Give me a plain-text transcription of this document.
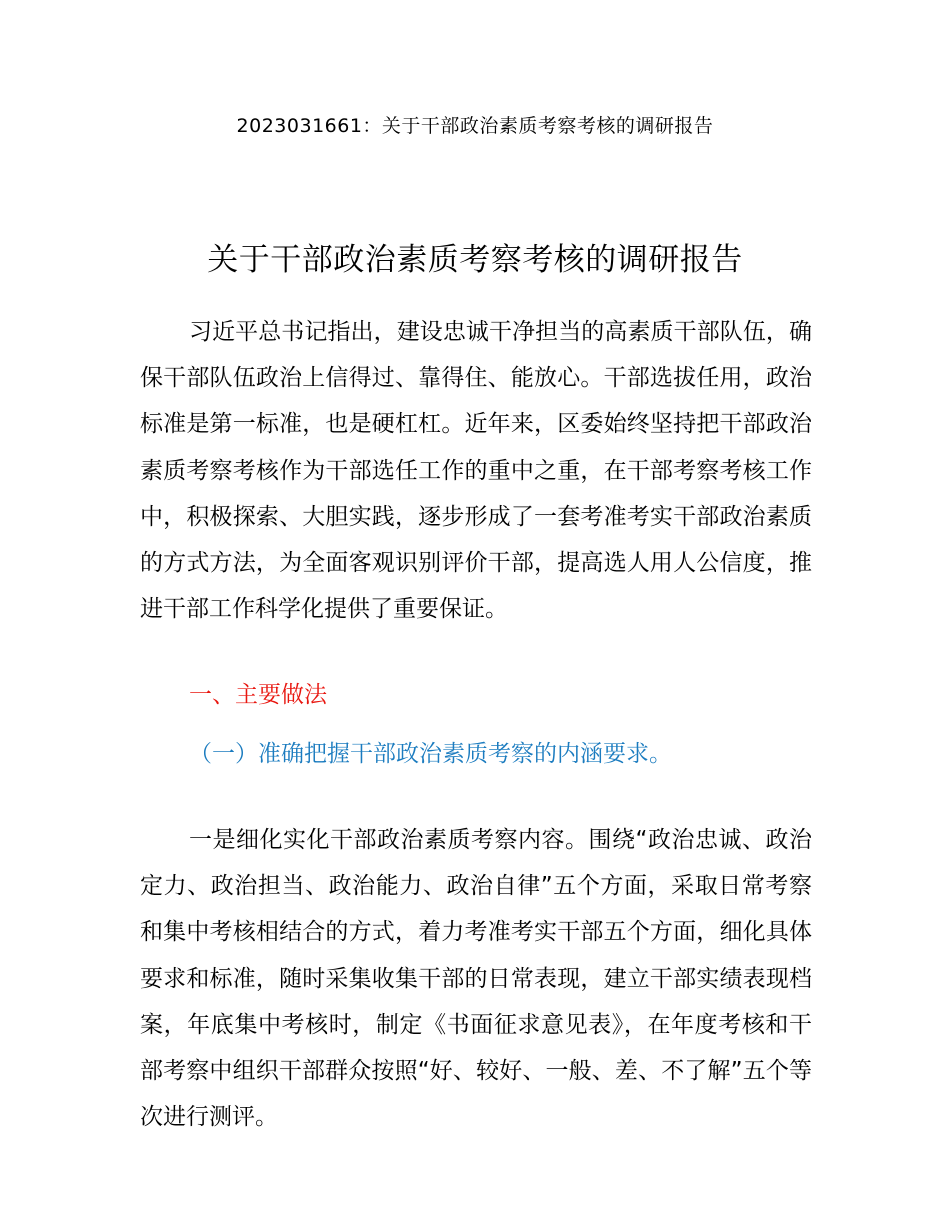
2023031661：关于干部政治素质考察考核的调研报告
关于干部政治素质考察考核的调研报告

习近平总书记指出，建设忠诚干净担当的高素质干部队伍，确保干部队伍政治上信得过、靠得住、能放心。干部选拔任用，政治标准是第一标准，也是硬杠杠。近年来，区委始终坚持把干部政治素质考察考核作为干部选任工作的重中之重，在干部考察考核工作中，积极探索、大胆实践，逐步形成了一套考准考实干部政治素质的方式方法，为全面客观识别评价干部，提高选人用人公信度，推进干部工作科学化提供了重要保证。

一、主要做法
（一）准确把握干部政治素质考察的内涵要求。

一是细化实化干部政治素质考察内容。围绕“政治忠诚、政治定力、政治担当、政治能力、政治自律”五个方面，采取日常考察和集中考核相结合的方式，着力考准考实干部五个方面，细化具体要求和标准，随时采集收集干部的日常表现，建立干部实绩表现档案，年底集中考核时，制定《书面征求意见表》，在年度考核和干部考察中组织干部群众按照“好、较好、一般、差、不了解”五个等次进行测评。
